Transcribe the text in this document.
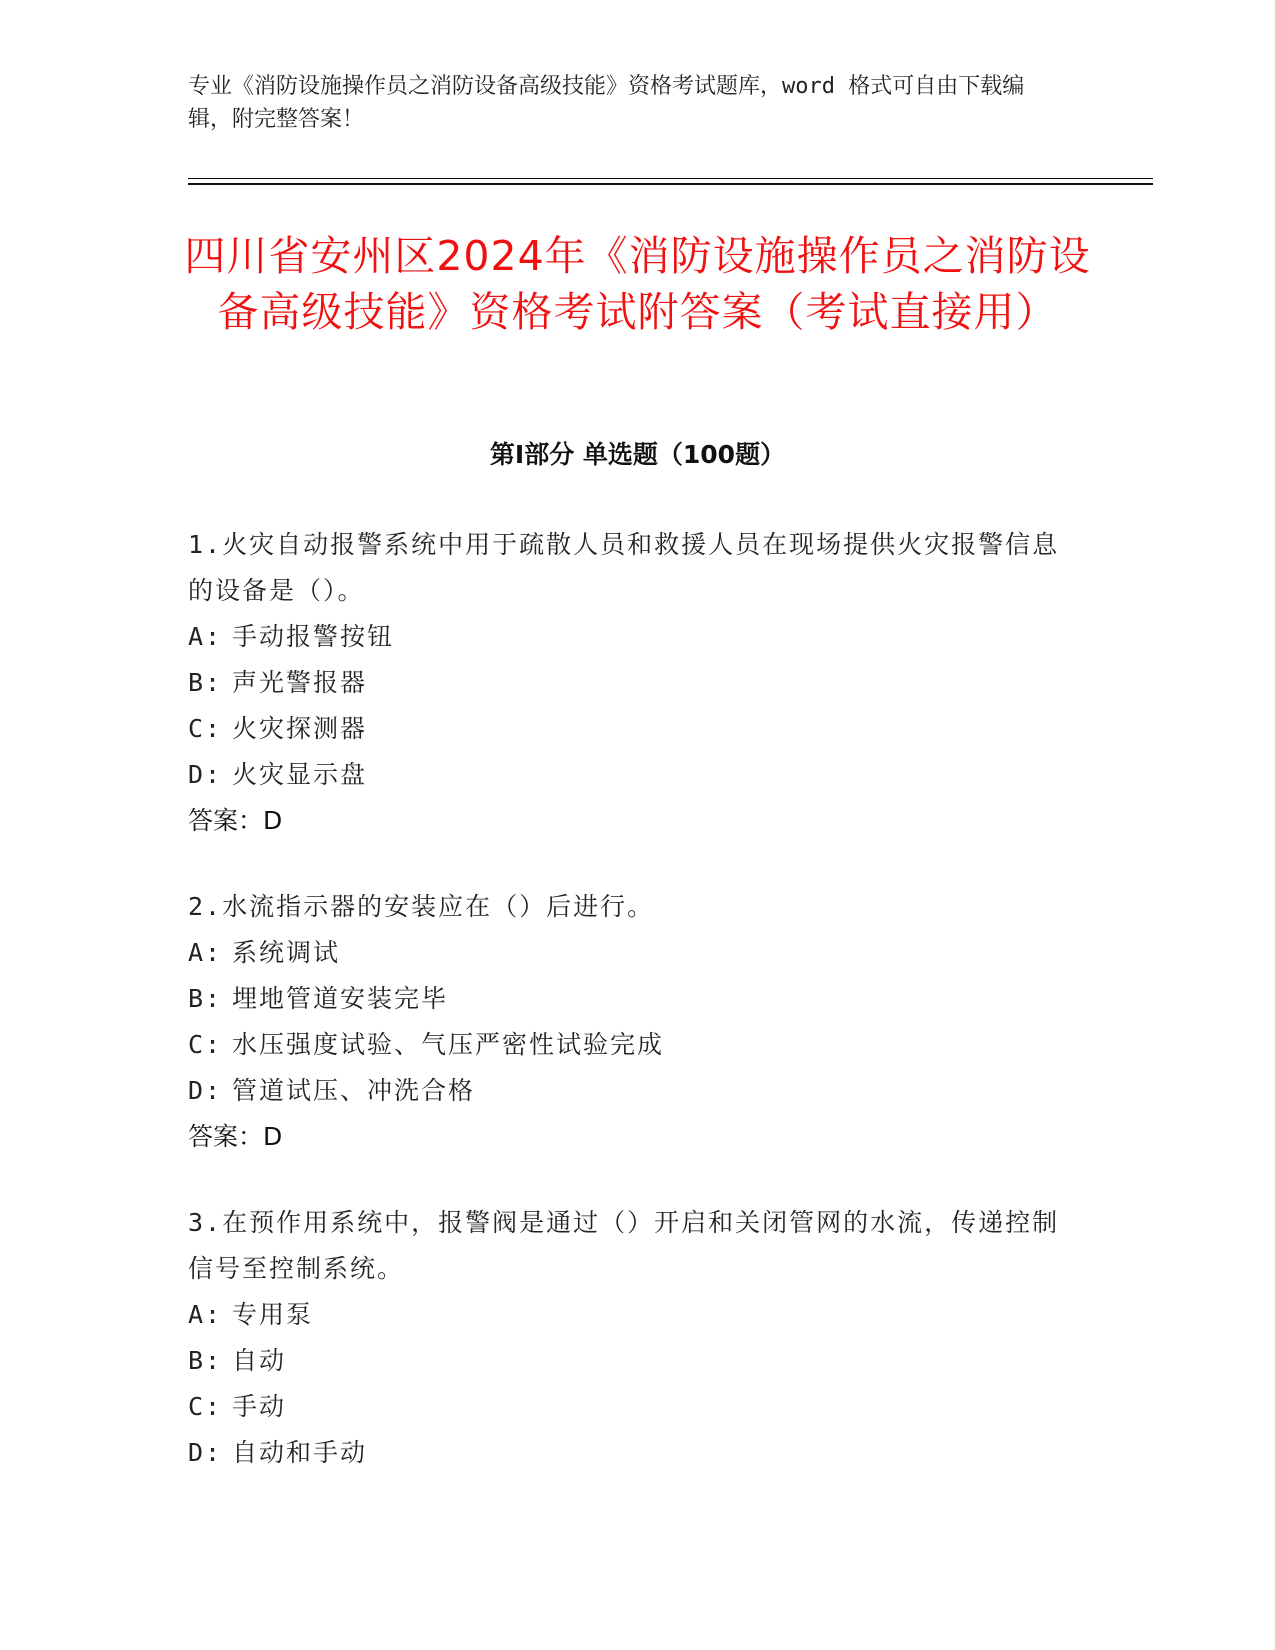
专业《消防设施操作员之消防设备高级技能》资格考试题库，word 格式可自由下载编辑，附完整答案！
四川省安州区2024年《消防设施操作员之消防设备高级技能》资格考试附答案（考试直接用）
第Ⅰ部分 单选题（100题）
1.火灾自动报警系统中用于疏散人员和救援人员在现场提供火灾报警信息的设备是（）。
A: 手动报警按钮
B: 声光警报器
C: 火灾探测器
D: 火灾显示盘
答案：D
2.水流指示器的安装应在（）后进行。
A: 系统调试
B: 埋地管道安装完毕
C: 水压强度试验、气压严密性试验完成
D: 管道试压、冲洗合格
答案：D
3.在预作用系统中，报警阀是通过（）开启和关闭管网的水流，传递控制信号至控制系统。
A: 专用泵
B: 自动
C: 手动
D: 自动和手动
